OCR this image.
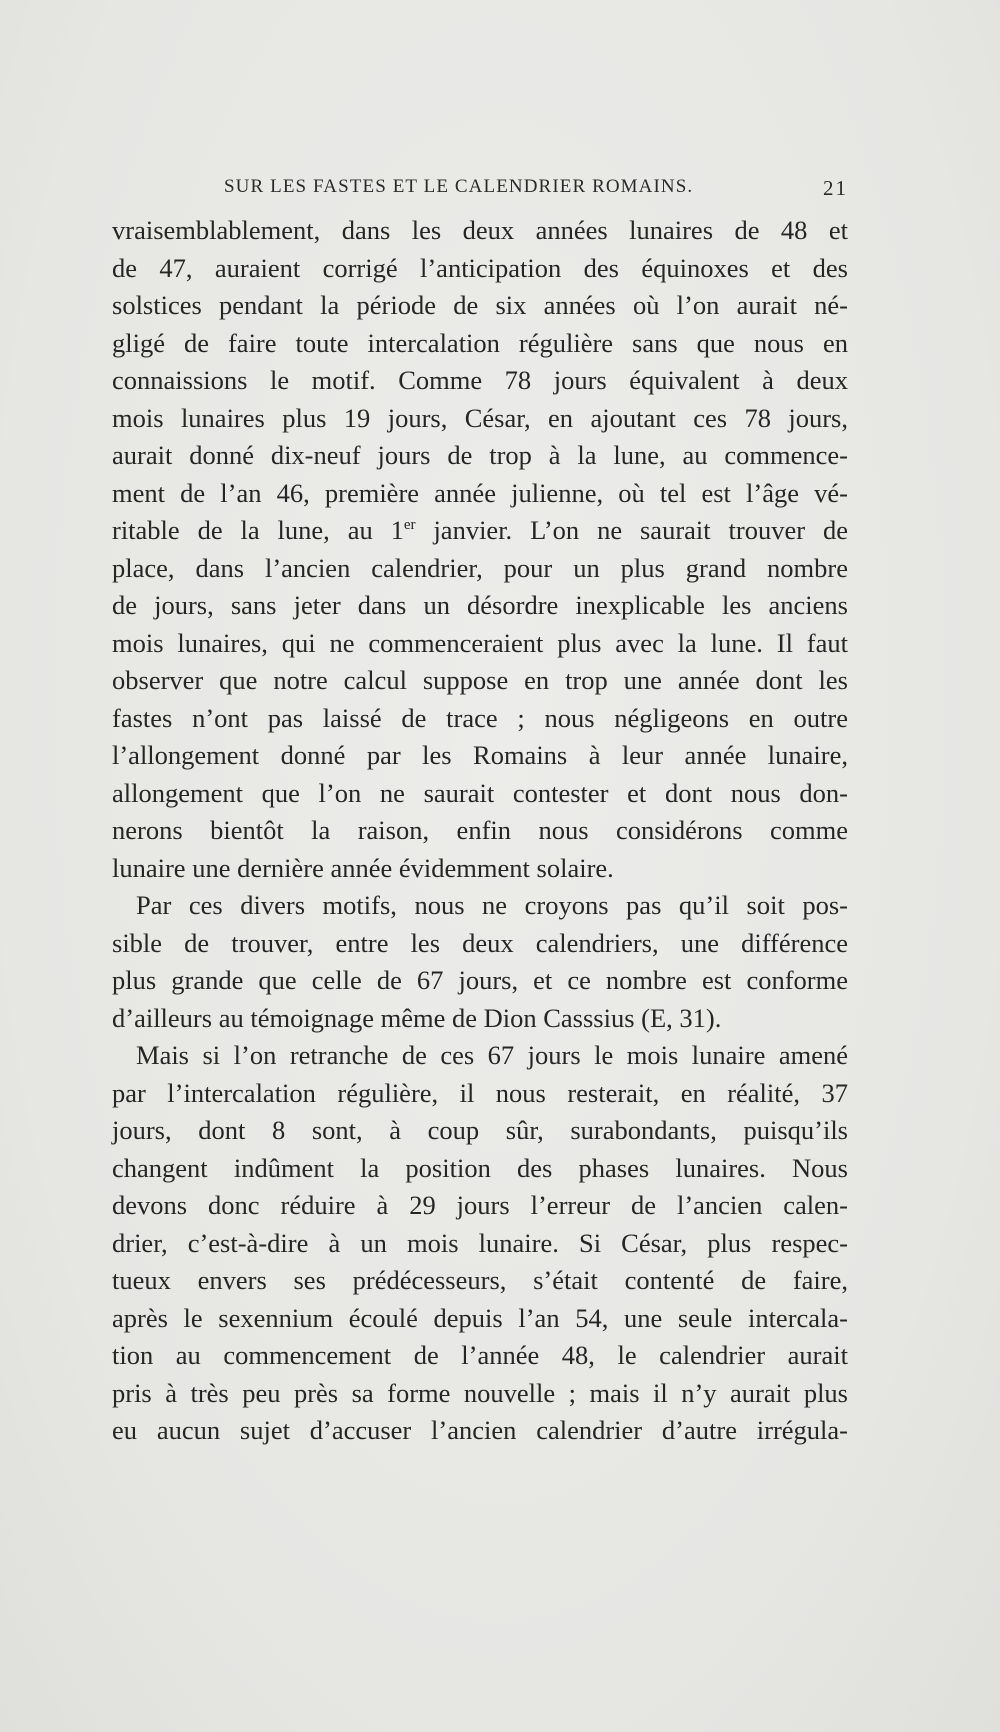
SUR LES FASTES ET LE CALENDRIER ROMAINS.	21
vraisemblablement, dans les deux années lunaires de 48 et
de 47, auraient corrigé l’anticipation des équinoxes et des
solstices pendant la période de six années où l’on aurait né-
gligé de faire toute intercalation régulière sans que nous en
connaissions le motif. Comme 78 jours équivalent à deux
mois lunaires plus 19 jours, César, en ajoutant ces 78 jours,
aurait donné dix-neuf jours de trop à la lune, au commence-
ment de l’an 46, première année julienne, où tel est l’âge vé-
ritable de la lune, au 1er janvier. L’on ne saurait trouver de
place, dans l’ancien calendrier, pour un plus grand nombre
de jours, sans jeter dans un désordre inexplicable les anciens
mois lunaires, qui ne commenceraient plus avec la lune. Il faut
observer que notre calcul suppose en trop une année dont les
fastes n’ont pas laissé de trace ; nous négligeons en outre
l’allongement donné par les Romains à leur année lunaire,
allongement que l’on ne saurait contester et dont nous don-
nerons bientôt la raison, enfin nous considérons comme
lunaire une dernière année évidemment solaire.
Par ces divers motifs, nous ne croyons pas qu’il soit pos-
sible de trouver, entre les deux calendriers, une différence
plus grande que celle de 67 jours, et ce nombre est conforme
d’ailleurs au témoignage même de Dion Casssius (E, 31).
Mais si l’on retranche de ces 67 jours le mois lunaire amené
par l’intercalation régulière, il nous resterait, en réalité, 37
jours, dont 8 sont, à coup sûr, surabondants, puisqu’ils
changent indûment la position des phases lunaires. Nous
devons donc réduire à 29 jours l’erreur de l’ancien calen-
drier, c’est-à-dire à un mois lunaire. Si César, plus respec-
tueux envers ses prédécesseurs, s’était contenté de faire,
après le sexennium écoulé depuis l’an 54, une seule intercala-
tion au commencement de l’année 48, le calendrier aurait
pris à très peu près sa forme nouvelle ; mais il n’y aurait plus
eu aucun sujet d’accuser l’ancien calendrier d’autre irrégula-
